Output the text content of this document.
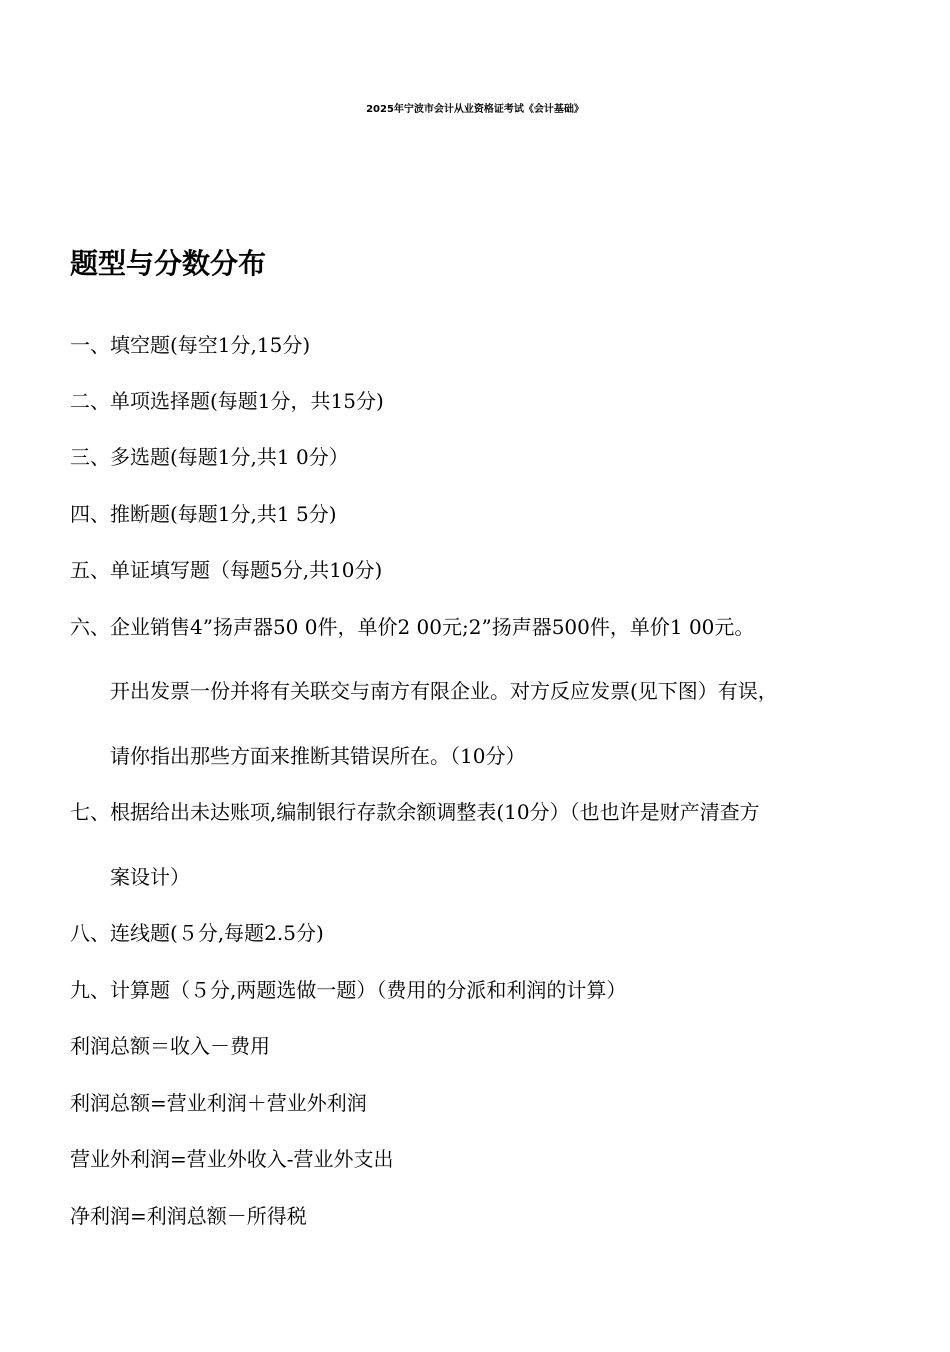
2025年宁波市会计从业资格证考试《会计基础》
题型与分数分布
一、填空题(每空1分,15分)
二、单项选择题(每题1分，共15分)
三、多选题(每题1分,共1 0分）
四、推断题(每题1分,共1 5分)
五、单证填写题（每题5分,共10分)
六、企业销售4”扬声器50 0件，单价2 00元;2”扬声器500件，单价1 00元。
开出发票一份并将有关联交与南方有限企业。对方反应发票(见下图）有误，
请你指出那些方面来推断其错误所在。（10分）
七、根据给出未达账项,编制银行存款余额调整表(10分）（也也许是财产清查方
案设计）
八、连线题(５分,每题2.5分)
九、计算题（５分,两题选做一题）（费用的分派和利润的计算）
利润总额＝收入－费用
利润总额=营业利润＋营业外利润
营业外利润=营业外收入-营业外支出
净利润=利润总额－所得税
